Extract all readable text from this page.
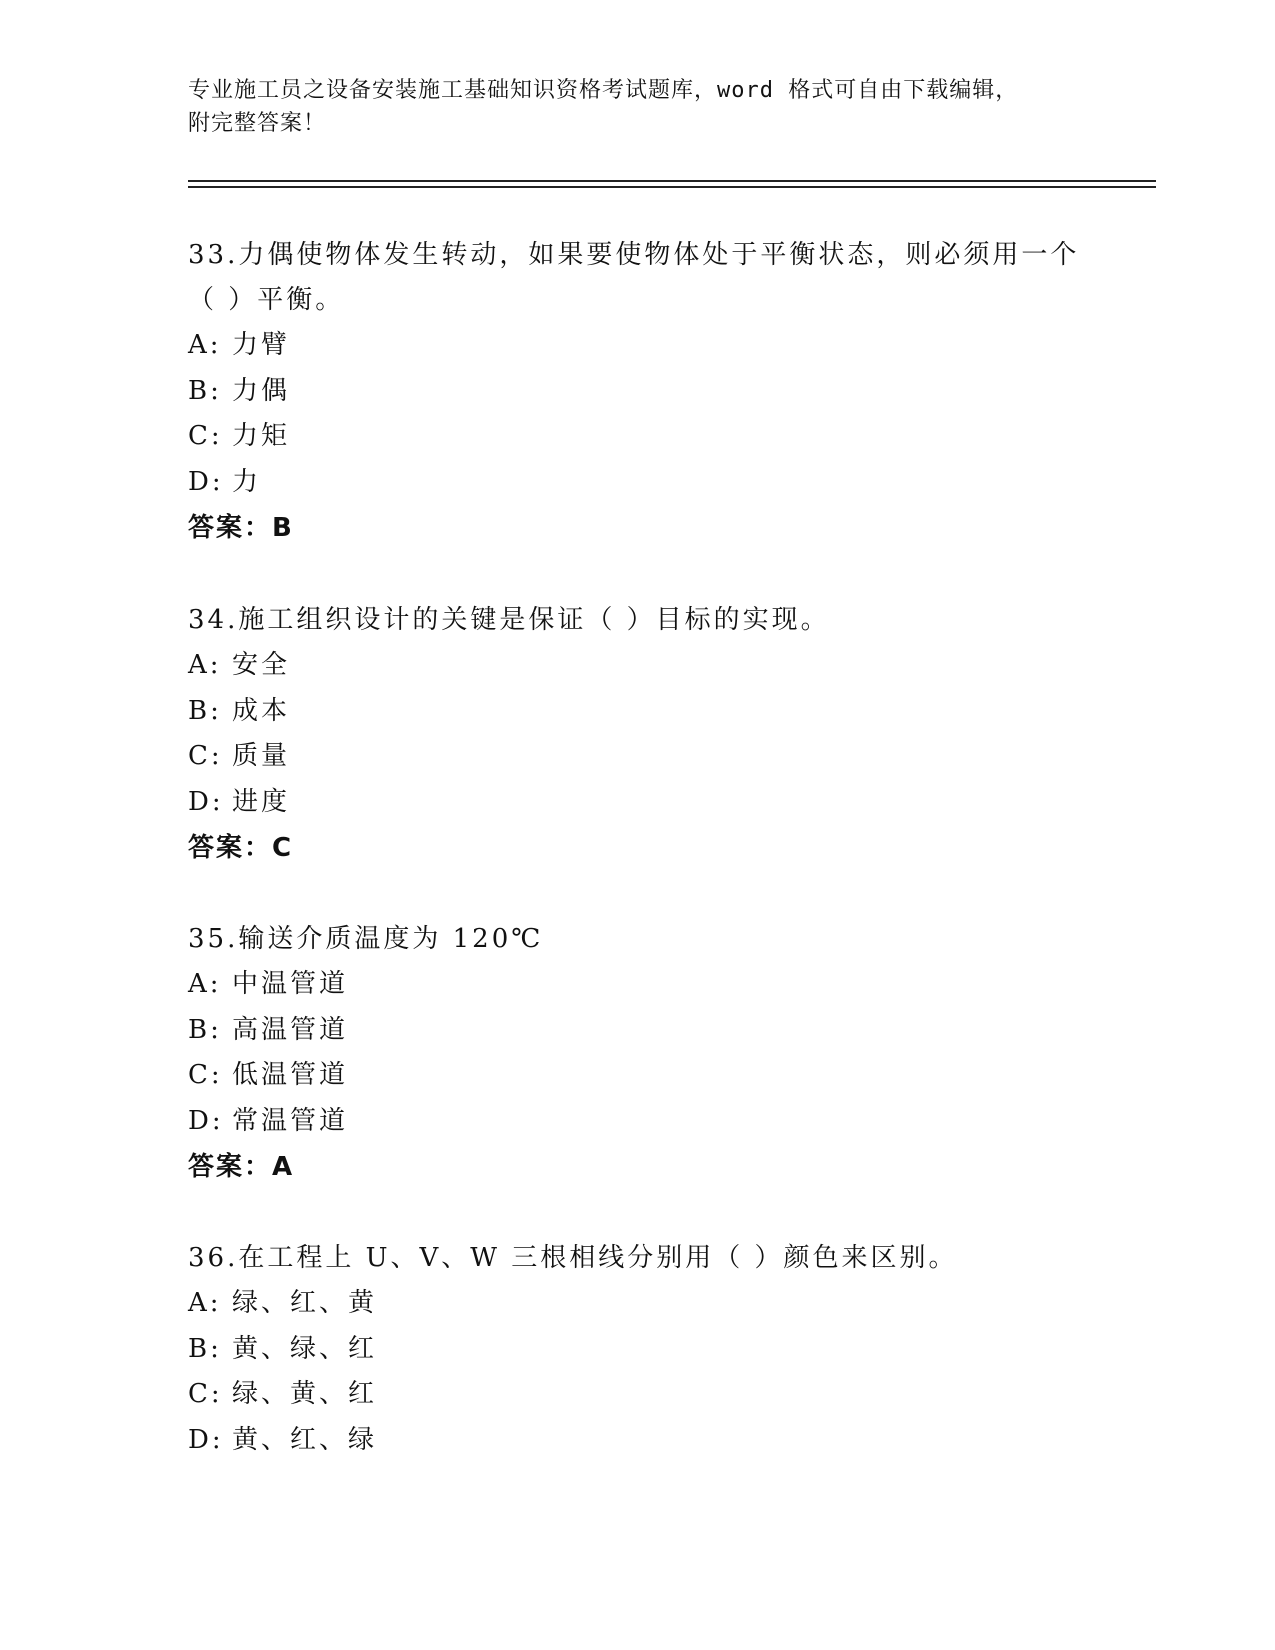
专业施工员之设备安装施工基础知识资格考试题库，word 格式可自由下载编辑，
附完整答案！
33.力偶使物体发生转动，如果要使物体处于平衡状态，则必须用一个
（ ）平衡。
A: 力臂
B: 力偶
C: 力矩
D: 力
答案：B
34.施工组织设计的关键是保证（ ）目标的实现。
A: 安全
B: 成本
C: 质量
D: 进度
答案：C
35.输送介质温度为 120℃
A: 中温管道
B: 高温管道
C: 低温管道
D: 常温管道
答案：A
36.在工程上 U、V、W 三根相线分别用（ ）颜色来区别。
A: 绿、红、黄
B: 黄、绿、红
C: 绿、黄、红
D: 黄、红、绿
